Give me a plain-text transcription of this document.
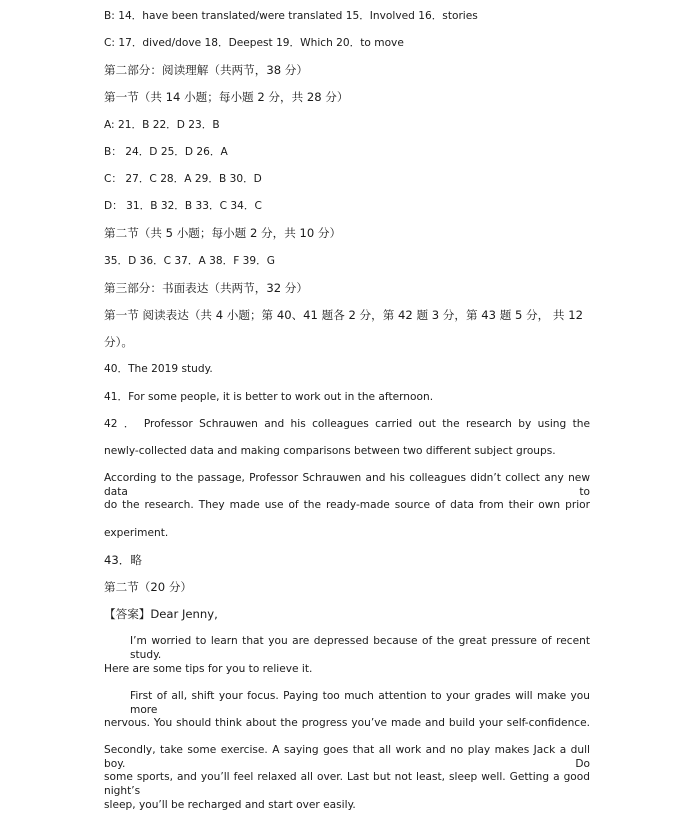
B: 14．have been translated/were translated 15．Involved 16．stories
C: 17．dived/dove 18．Deepest 19．Which 20．to move
第二部分：阅读理解（共两节，38 分）
第一节（共 14 小题；每小题 2 分，共 28 分）
A: 21．B 22．D 23．B
B： 24．D 25．D 26．A
C： 27．C 28．A 29．B 30．D
D： 31．B 32．B 33．C 34．C
第二节（共 5 小题；每小题 2 分，共 10 分）
35．D 36．C 37．A 38．F 39．G
第三部分：书面表达（共两节，32 分）
第一节 阅读表达（共 4 小题；第 40、41 题各 2 分，第 42 题 3 分，第 43 题 5 分， 共 12
分）。
40．The 2019 study.
41．For some people, it is better to work out in the afternoon.
42 ． Professor Schrauwen and his colleagues carried out the research by using the
newly-collected data and making comparisons between two different subject groups.
According to the passage, Professor Schrauwen and his colleagues didn’t collect any new data to
do the research. They made use of the ready-made source of data from their own prior
experiment.
43．略
第二节（20 分）
【答案】Dear Jenny,
I’m worried to learn that you are depressed because of the great pressure of recent study.
Here are some tips for you to relieve it.
First of all, shift your focus. Paying too much attention to your grades will make you more
nervous. You should think about the progress you’ve made and build your self-confidence.
Secondly, take some exercise. A saying goes that all work and no play makes Jack a dull boy. Do
some sports, and you’ll feel relaxed all over. Last but not least, sleep well. Getting a good night’s
sleep, you’ll be recharged and start over easily.
